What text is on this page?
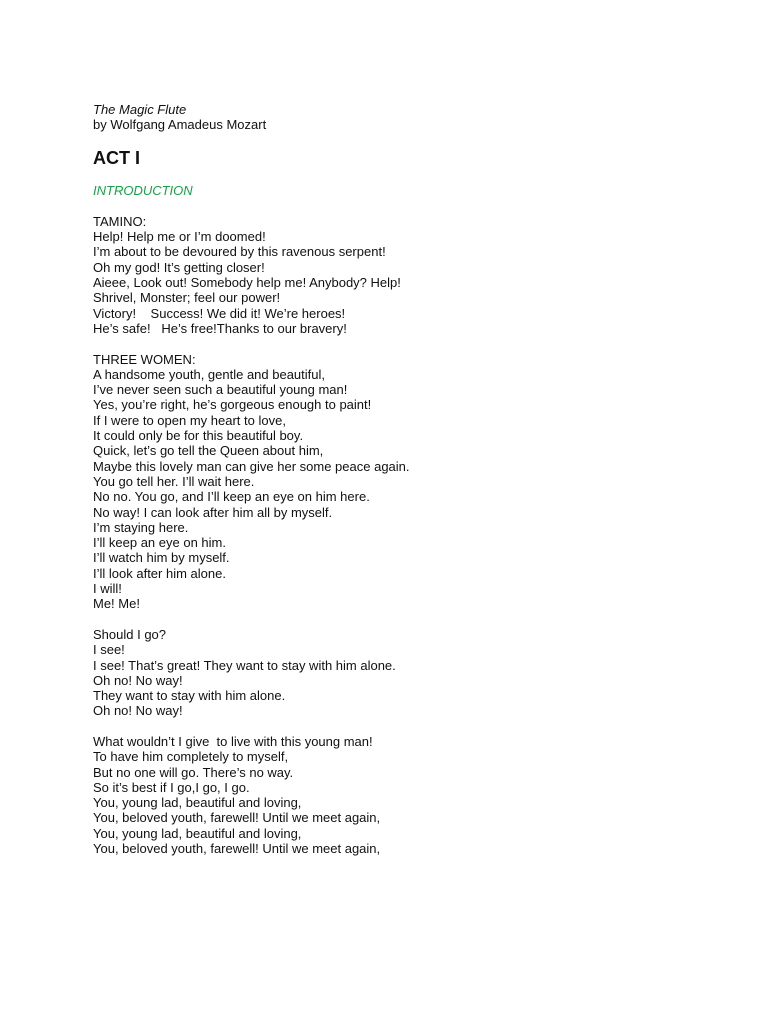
The Magic Flute

by Wolfgang Amadeus Mozart

ACT I

INTRODUCTION

TAMINO:

Help! Help me or I’m doomed!

I’m about to be devoured by this ravenous serpent!

Oh my god! It’s getting closer!

Aieee, Look out! Somebody help me! Anybody? Help!

Shrivel, Monster; feel our power!

Victory!    Success! We did it! We’re heroes!

He’s safe!   He’s free!Thanks to our bravery!

THREE WOMEN:

A handsome youth, gentle and beautiful,

I’ve never seen such a beautiful young man!

Yes, you’re right, he’s gorgeous enough to paint!

If I were to open my heart to love,

It could only be for this beautiful boy.

Quick, let’s go tell the Queen about him,

Maybe this lovely man can give her some peace again.

You go tell her. I’ll wait here.

No no. You go, and I’ll keep an eye on him here.

No way! I can look after him all by myself.

I’m staying here.

I’ll keep an eye on him.

I’ll watch him by myself.

I’ll look after him alone.

I will!

Me! Me!

Should I go?

I see!

I see! That’s great! They want to stay with him alone.

Oh no! No way!

They want to stay with him alone.

Oh no! No way!

What wouldn’t I give  to live with this young man!

To have him completely to myself,

But no one will go. There’s no way.

So it’s best if I go,I go, I go.

You, young lad, beautiful and loving,

You, beloved youth, farewell! Until we meet again,

You, young lad, beautiful and loving,

You, beloved youth, farewell! Until we meet again,
